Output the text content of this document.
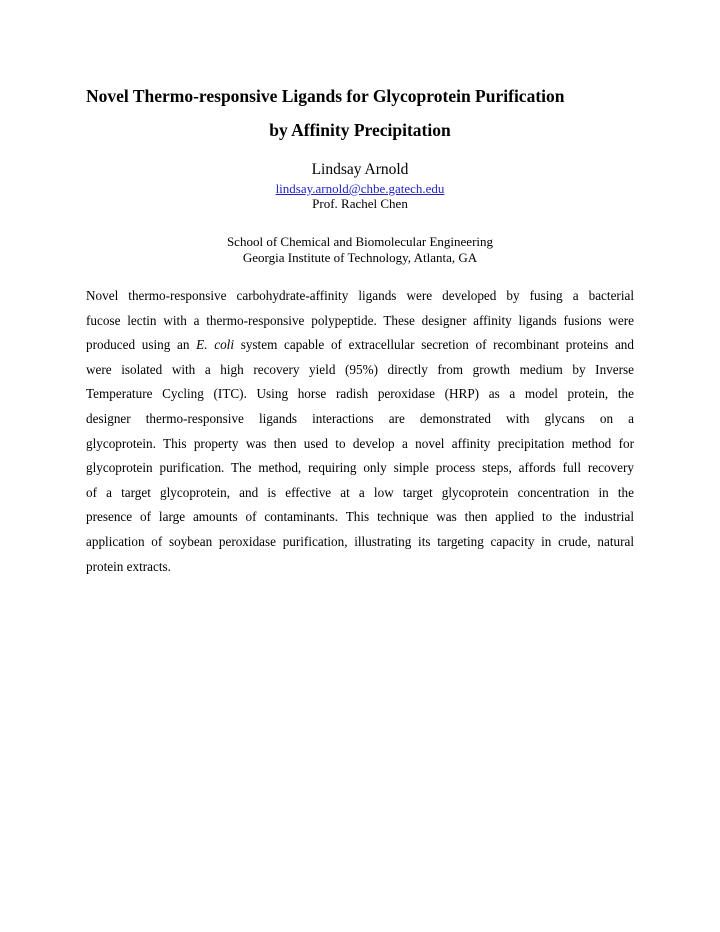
Novel Thermo-responsive Ligands for Glycoprotein Purification
by Affinity Precipitation
Lindsay Arnold
lindsay.arnold@chbe.gatech.edu
Prof. Rachel Chen
School of Chemical and Biomolecular Engineering
Georgia Institute of Technology, Atlanta, GA
Novel thermo-responsive carbohydrate-affinity ligands were developed by fusing a bacterial
fucose lectin with a thermo-responsive polypeptide. These designer affinity ligands fusions were
produced using an E. coli system capable of extracellular secretion of recombinant proteins and
were isolated with a high recovery yield (95%) directly from growth medium by Inverse
Temperature Cycling (ITC). Using horse radish peroxidase (HRP) as a model protein, the
designer thermo-responsive ligands interactions are demonstrated with glycans on a
glycoprotein. This property was then used to develop a novel affinity precipitation method for
glycoprotein purification. The method, requiring only simple process steps, affords full recovery
of a target glycoprotein, and is effective at a low target glycoprotein concentration in the
presence of large amounts of contaminants. This technique was then applied to the industrial
application of soybean peroxidase purification, illustrating its targeting capacity in crude, natural
protein extracts.
